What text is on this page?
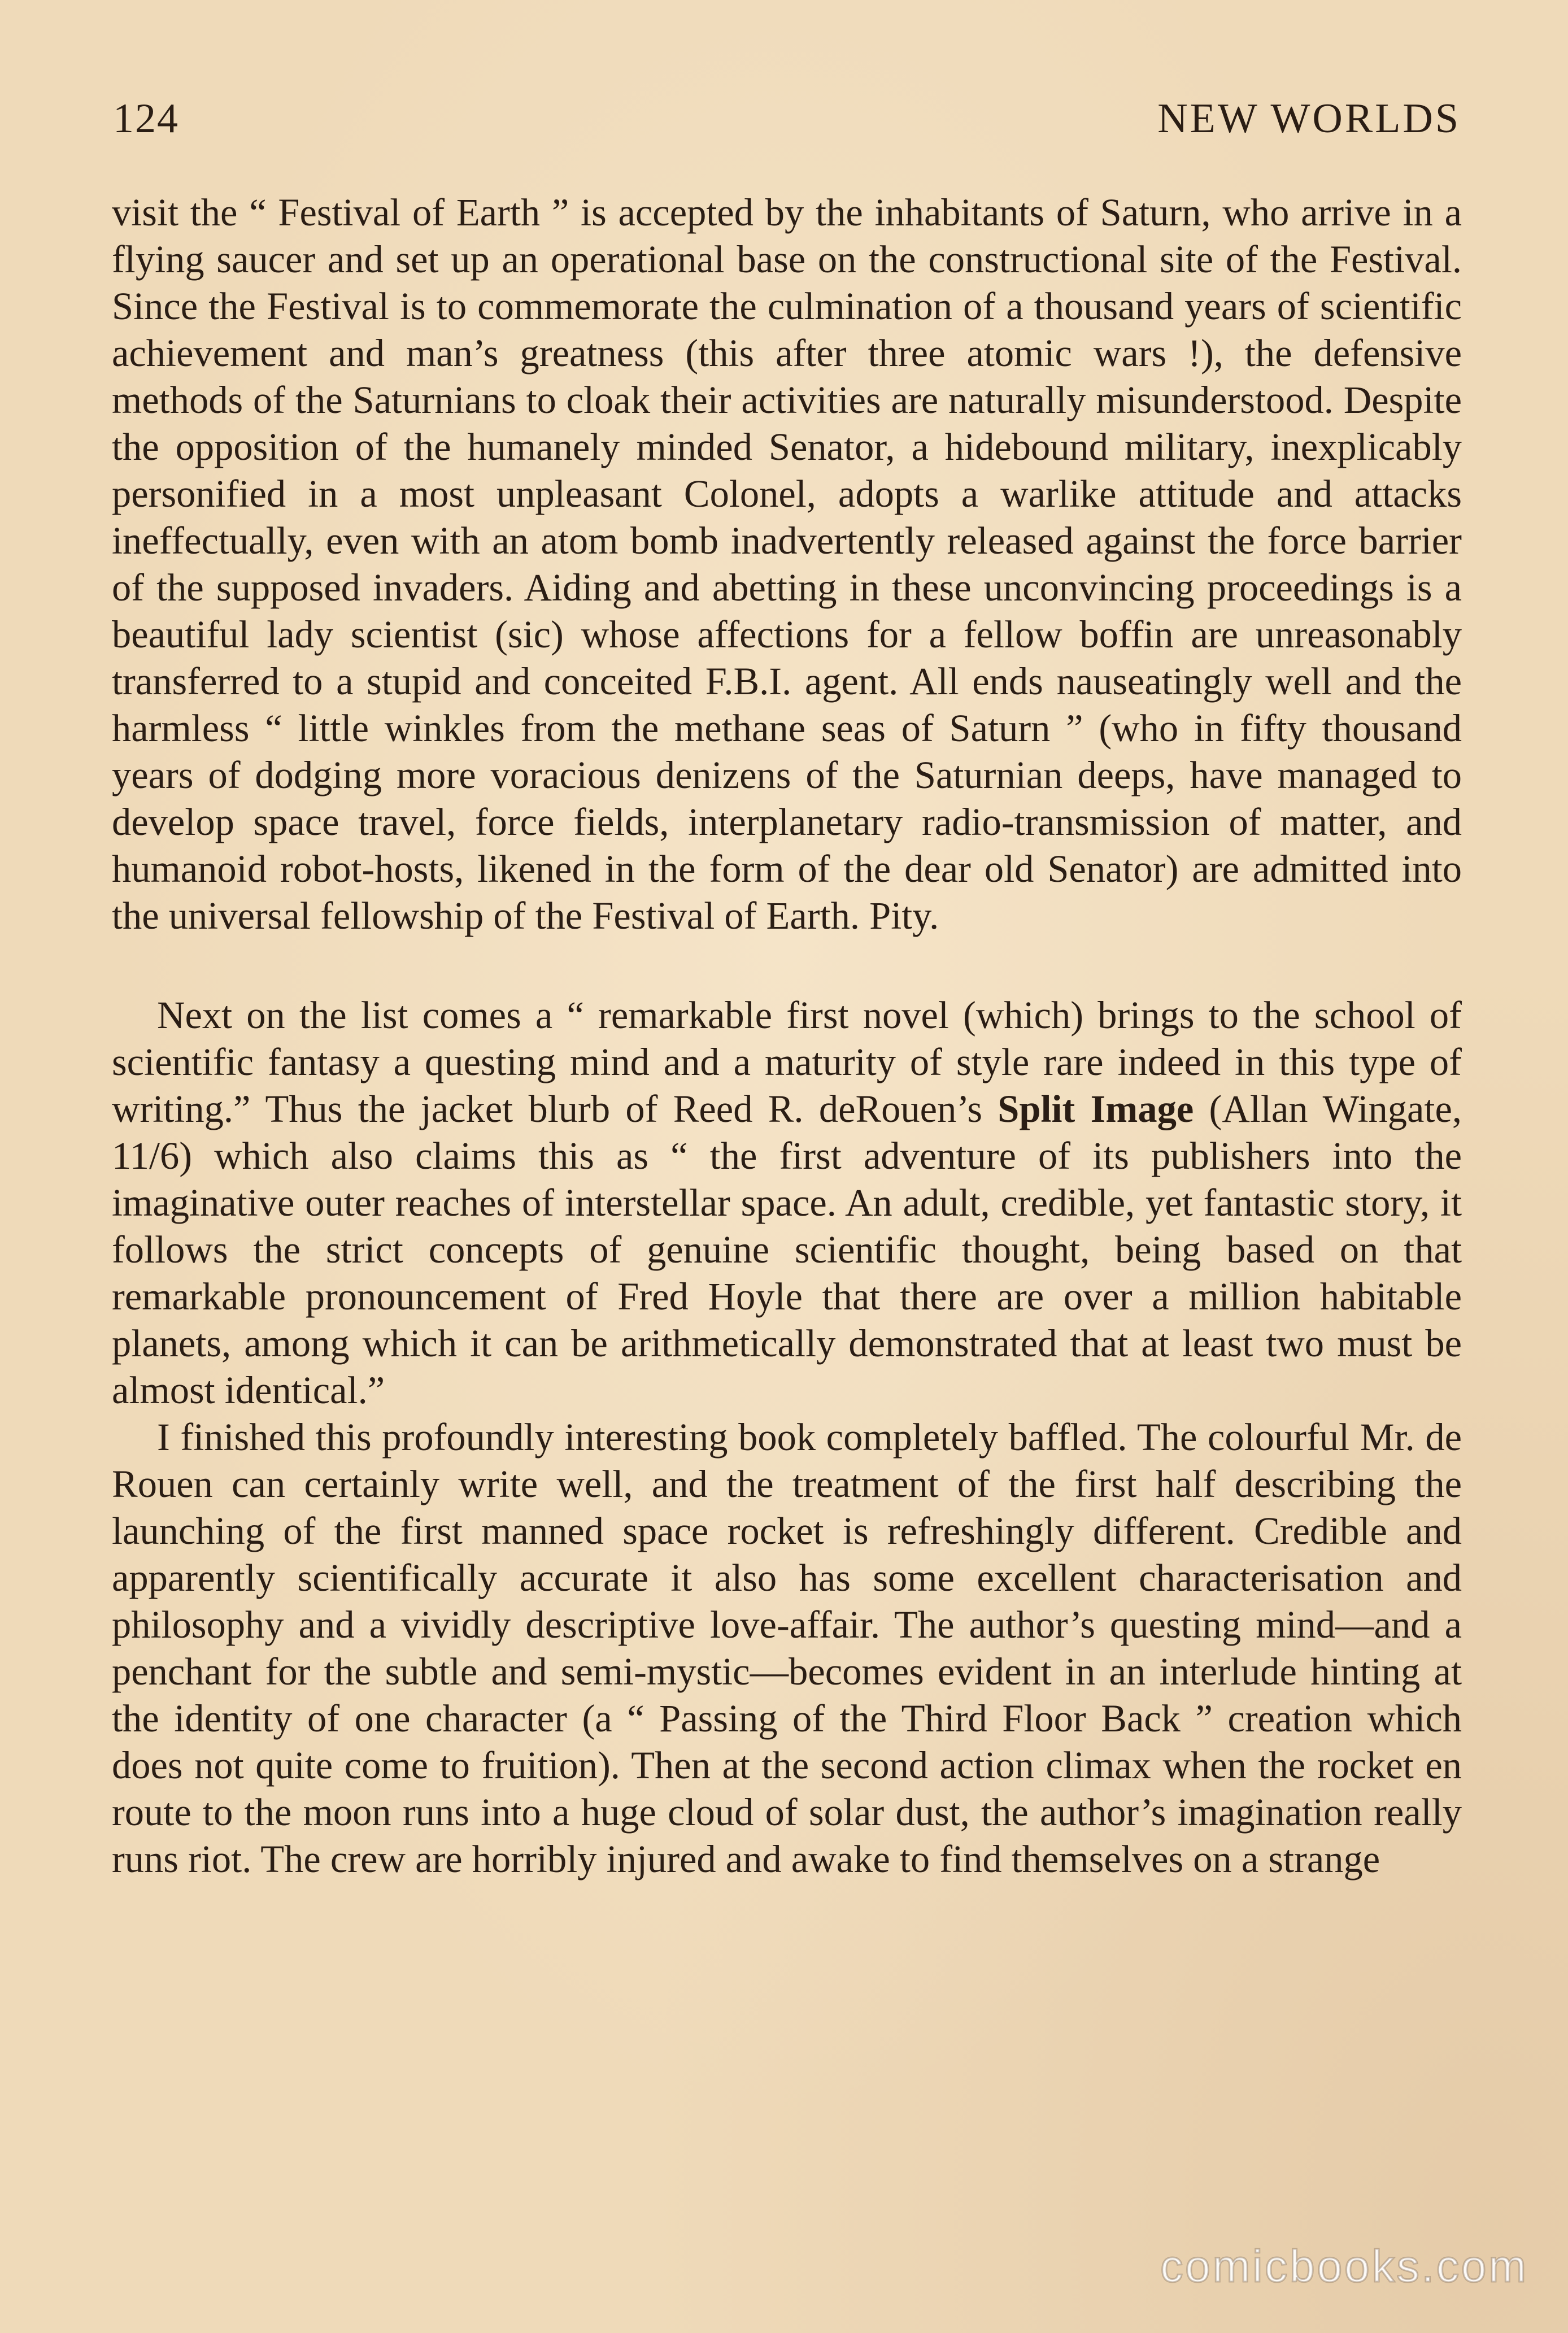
124	NEW WORLDS

visit the “ Festival of Earth ” is accepted by the inhabitants of Saturn, who arrive in a flying saucer and set up an operational base on the constructional site of the Festival. Since the Festival is to commemorate the culmination of a thousand years of scientific achievement and man’s greatness (this after three atomic wars !), the defensive methods of the Saturnians to cloak their activities are naturally misunderstood. Despite the opposition of the humanely minded Senator, a hidebound military, inexplicably personified in a most unpleasant Colonel, adopts a warlike attitude and attacks ineffectually, even with an atom bomb inadvertently released against the force barrier of the supposed invaders. Aiding and abetting in these unconvincing proceedings is a beautiful lady scientist (sic) whose affections for a fellow boffin are unreasonably transferred to a stupid and conceited F.B.I. agent. All ends nauseatingly well and the harmless “ little winkles from the methane seas of Saturn ” (who in fifty thousand years of dodging more voracious denizens of the Saturnian deeps, have managed to develop space travel, force fields, interplanetary radio-transmission of matter, and humanoid robot-hosts, likened in the form of the dear old Senator) are admitted into the universal fellowship of the Festival of Earth. Pity.

Next on the list comes a “ remarkable first novel (which) brings to the school of scientific fantasy a questing mind and a maturity of style rare indeed in this type of writing.” Thus the jacket blurb of Reed R. deRouen’s Split Image (Allan Wingate, 11/6) which also claims this as “ the first adventure of its publishers into the imaginative outer reaches of interstellar space. An adult, credible, yet fantastic story, it follows the strict concepts of genuine scientific thought, being based on that remarkable pronouncement of Fred Hoyle that there are over a million habitable planets, among which it can be arithmetically demonstrated that at least two must be almost identical.”

I finished this profoundly interesting book completely baffled. The colourful Mr. de Rouen can certainly write well, and the treatment of the first half describing the launching of the first manned space rocket is refreshingly different. Credible and apparently scientifically accurate it also has some excellent characterisation and philosophy and a vividly descriptive love-affair. The author’s questing mind—and a penchant for the subtle and semi-mystic—becomes evident in an interlude hinting at the identity of one character (a “ Passing of the Third Floor Back ” creation which does not quite come to fruition). Then at the second action climax when the rocket en route to the moon runs into a huge cloud of solar dust, the author’s imagination really runs riot. The crew are horribly injured and awake to find themselves on a strange

comicbooks.com
